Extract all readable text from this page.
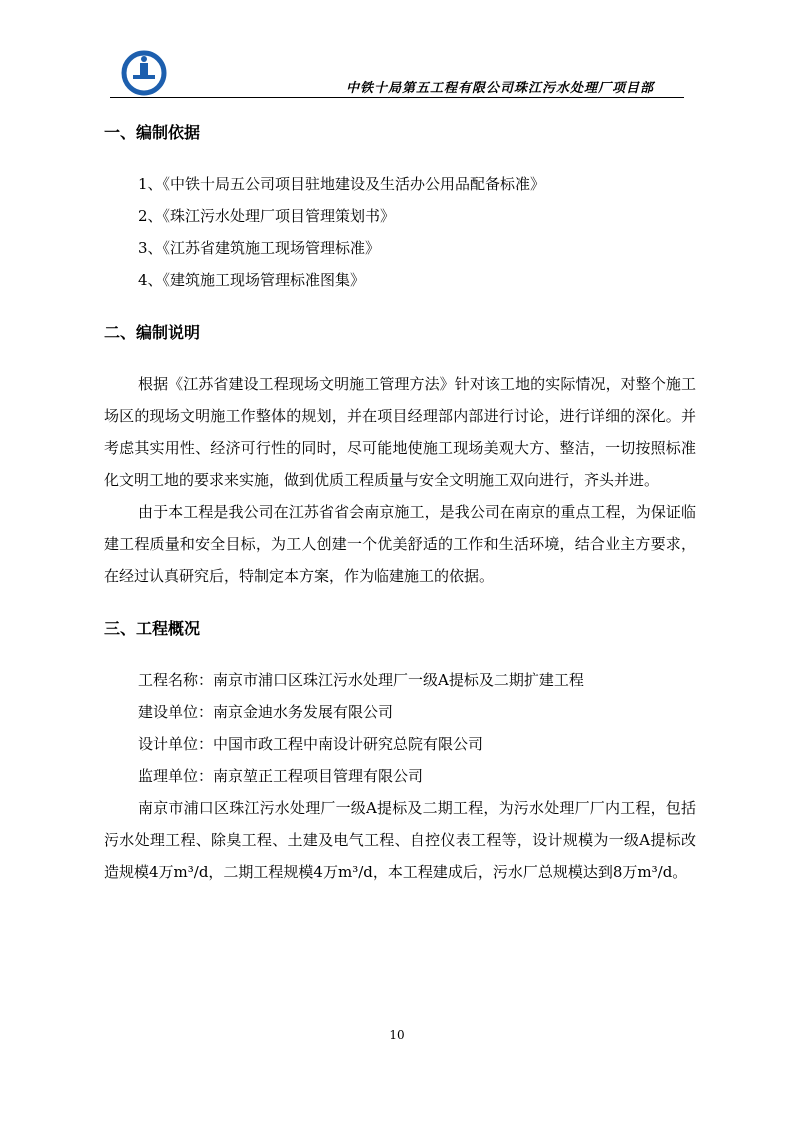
中铁十局第五工程有限公司珠江污水处理厂项目部
一、编制依据
1、《中铁十局五公司项目驻地建设及生活办公用品配备标准》
2、《珠江污水处理厂项目管理策划书》
3、《江苏省建筑施工现场管理标准》
4、《建筑施工现场管理标准图集》
二、编制说明

根据《江苏省建设工程现场文明施工管理方法》针对该工地的实际情况，对整个施工场区的现场文明施工作整体的规划，并在项目经理部内部进行讨论，进行详细的深化。并考虑其实用性、经济可行性的同时，尽可能地使施工现场美观大方、整洁，一切按照标准化文明工地的要求来实施，做到优质工程质量与安全文明施工双向进行，齐头并进。

由于本工程是我公司在江苏省省会南京施工，是我公司在南京的重点工程，为保证临建工程质量和安全目标，为工人创建一个优美舒适的工作和生活环境，结合业主方要求，在经过认真研究后，特制定本方案，作为临建施工的依据。

三、工程概况
工程名称：南京市浦口区珠江污水处理厂一级A提标及二期扩建工程
建设单位：南京金迪水务发展有限公司
设计单位：中国市政工程中南设计研究总院有限公司
监理单位：南京堃正工程项目管理有限公司

南京市浦口区珠江污水处理厂一级A提标及二期工程，为污水处理厂厂内工程，包括污水处理工程、除臭工程、土建及电气工程、自控仪表工程等，设计规模为一级A提标改造规模4万m³/d，二期工程规模4万m³/d，本工程建成后，污水厂总规模达到8万m³/d。

10
